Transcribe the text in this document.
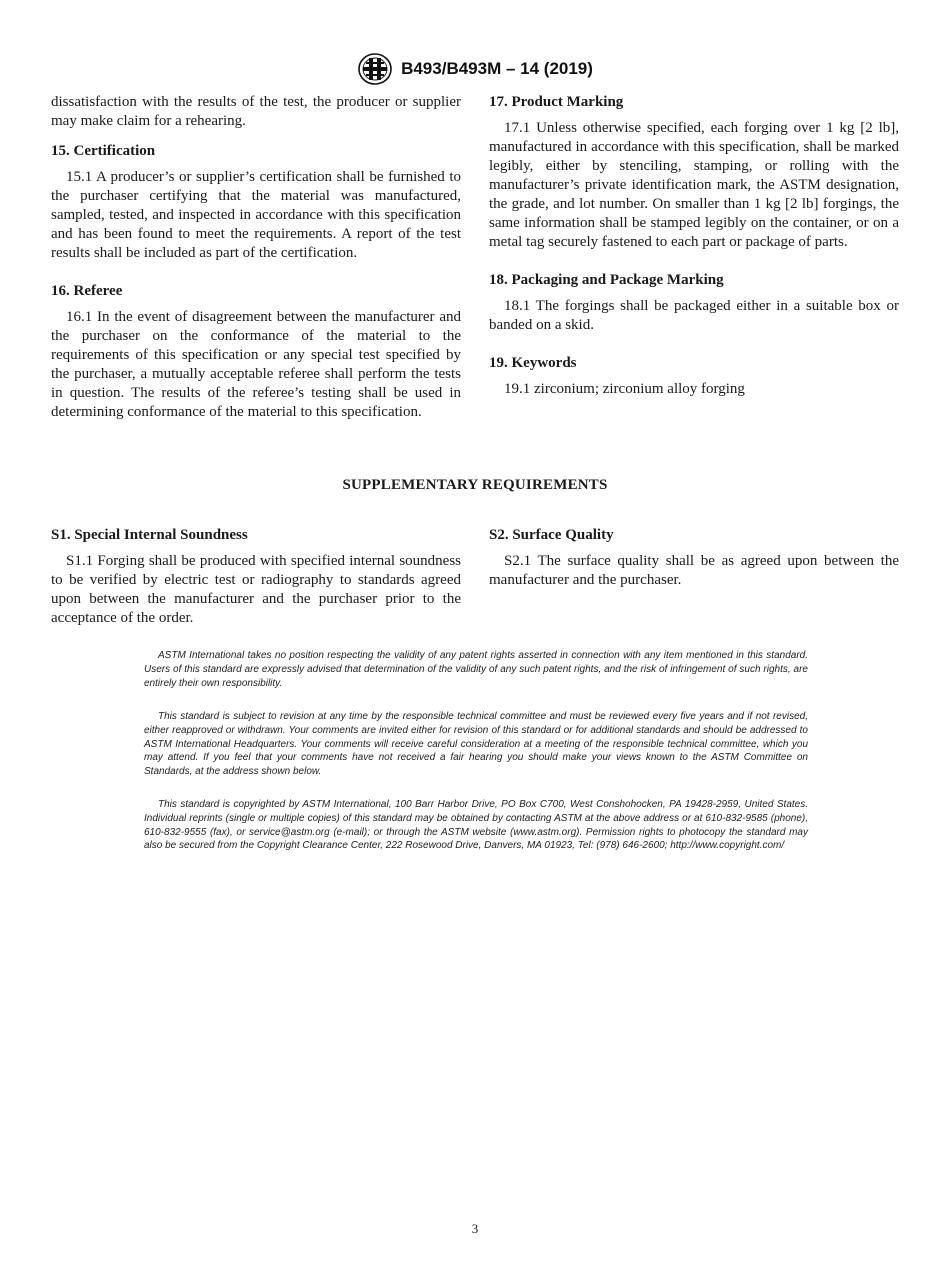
B493/B493M – 14 (2019)

dissatisfaction with the results of the test, the producer or supplier may make claim for a rehearing.

15. Certification

15.1 A producer’s or supplier’s certification shall be furnished to the purchaser certifying that the material was manufactured, sampled, tested, and inspected in accordance with this specification and has been found to meet the requirements. A report of the test results shall be included as part of the certification.

16. Referee

16.1 In the event of disagreement between the manufacturer and the purchaser on the conformance of the material to the requirements of this specification or any special test specified by the purchaser, a mutually acceptable referee shall perform the tests in question. The results of the referee’s testing shall be used in determining conformance of the material to this specification.

17. Product Marking

17.1 Unless otherwise specified, each forging over 1 kg [2 lb], manufactured in accordance with this specification, shall be marked legibly, either by stenciling, stamping, or rolling with the manufacturer’s private identification mark, the ASTM designation, the grade, and lot number. On smaller than 1 kg [2 lb] forgings, the same information shall be stamped legibly on the container, or on a metal tag securely fastened to each part or package of parts.

18. Packaging and Package Marking

18.1 The forgings shall be packaged either in a suitable box or banded on a skid.

19. Keywords

19.1 zirconium; zirconium alloy forging

SUPPLEMENTARY REQUIREMENTS
S1. Special Internal Soundness

S1.1 Forging shall be produced with specified internal soundness to be verified by electric test or radiography to standards agreed upon between the manufacturer and the purchaser prior to the acceptance of the order.

S2. Surface Quality

S2.1 The surface quality shall be as agreed upon between the manufacturer and the purchaser.

ASTM International takes no position respecting the validity of any patent rights asserted in connection with any item mentioned in this standard. Users of this standard are expressly advised that determination of the validity of any such patent rights, and the risk of infringement of such rights, are entirely their own responsibility.

This standard is subject to revision at any time by the responsible technical committee and must be reviewed every five years and if not revised, either reapproved or withdrawn. Your comments are invited either for revision of this standard or for additional standards and should be addressed to ASTM International Headquarters. Your comments will receive careful consideration at a meeting of the responsible technical committee, which you may attend. If you feel that your comments have not received a fair hearing you should make your views known to the ASTM Committee on Standards, at the address shown below.

This standard is copyrighted by ASTM International, 100 Barr Harbor Drive, PO Box C700, West Conshohocken, PA 19428-2959, United States. Individual reprints (single or multiple copies) of this standard may be obtained by contacting ASTM at the above address or at 610-832-9585 (phone), 610-832-9555 (fax), or service@astm.org (e-mail); or through the ASTM website (www.astm.org). Permission rights to photocopy the standard may also be secured from the Copyright Clearance Center, 222 Rosewood Drive, Danvers, MA 01923, Tel: (978) 646-2600; http://www.copyright.com/

3
